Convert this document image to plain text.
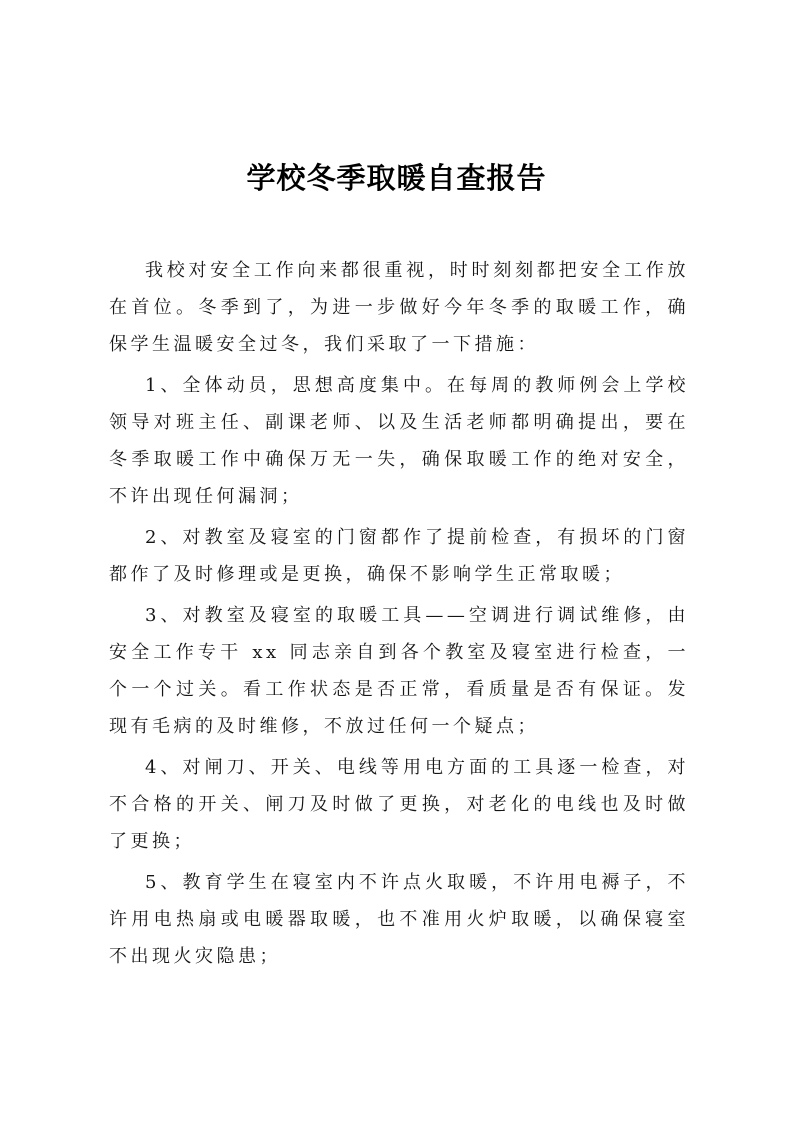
学校冬季取暖自查报告

我校对安全工作向来都很重视，时时刻刻都把安全工作放在首位。冬季到了，为进一步做好今年冬季的取暖工作，确保学生温暖安全过冬，我们采取了一下措施：

1、全体动员，思想高度集中。在每周的教师例会上学校领导对班主任、副课老师、以及生活老师都明确提出，要在冬季取暖工作中确保万无一失，确保取暖工作的绝对安全，不许出现任何漏洞；

2、对教室及寝室的门窗都作了提前检查，有损坏的门窗都作了及时修理或是更换，确保不影响学生正常取暖；

3、对教室及寝室的取暖工具——空调进行调试维修，由安全工作专干 xx 同志亲自到各个教室及寝室进行检查，一个一个过关。看工作状态是否正常，看质量是否有保证。发现有毛病的及时维修，不放过任何一个疑点；

4、对闸刀、开关、电线等用电方面的工具逐一检查，对不合格的开关、闸刀及时做了更换，对老化的电线也及时做了更换；

5、教育学生在寝室内不许点火取暖，不许用电褥子，不许用电热扇或电暖器取暖，也不准用火炉取暖，以确保寝室不出现火灾隐患；
